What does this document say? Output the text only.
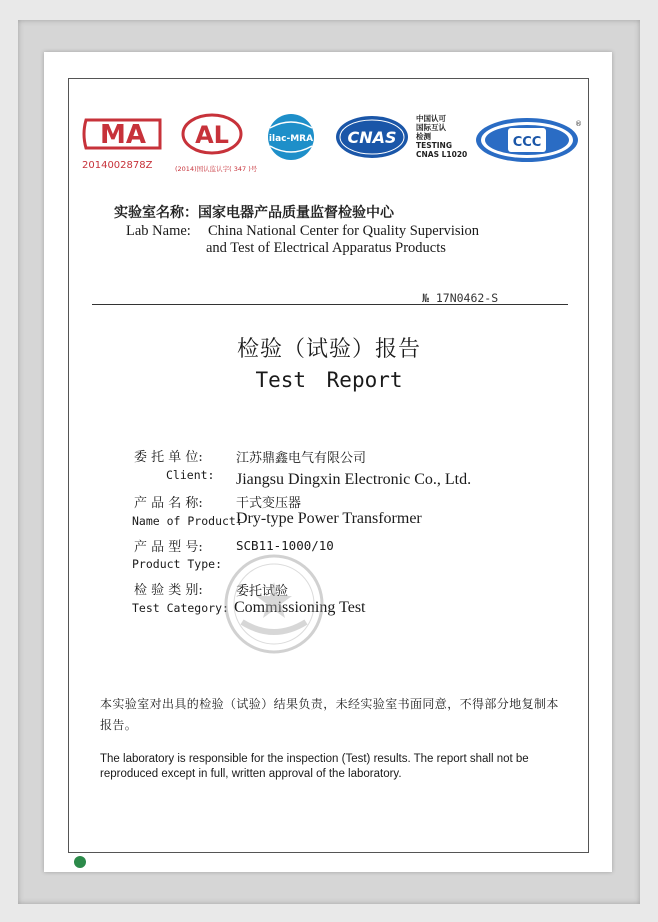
MA AL	ilac-MRA CNAS
中国认可
国际互认
检测
TESTING
CNAS L1020
CCC
®
2014002878Z	(2014)国认监认字( 347 )号
实验室名称：国家电器产品质量监督检验中心
Lab Name: China National Center for Quality Supervision
and Test of Electrical Apparatus Products
№ 17N0462-S
检验（试验）报告
Test Report
委 托 单 位:	江苏鼎鑫电气有限公司
Client: Jiangsu Dingxin Electronic Co., Ltd.
产 品 名 称:	干式变压器
Name of Product:
Dry-type Power Transformer
产 品 型 号:	SCB11-1000/10
Product Type:
检 验 类 别:	委托试验
Test Category: Commissioning Test
本实验室对出具的检验（试验）结果负责，未经实验室书面同意，不得部分地复制本报告。
The laboratory is responsible for the inspection (Test) results. The report shall not be reproduced except in full, written approval of the laboratory.
